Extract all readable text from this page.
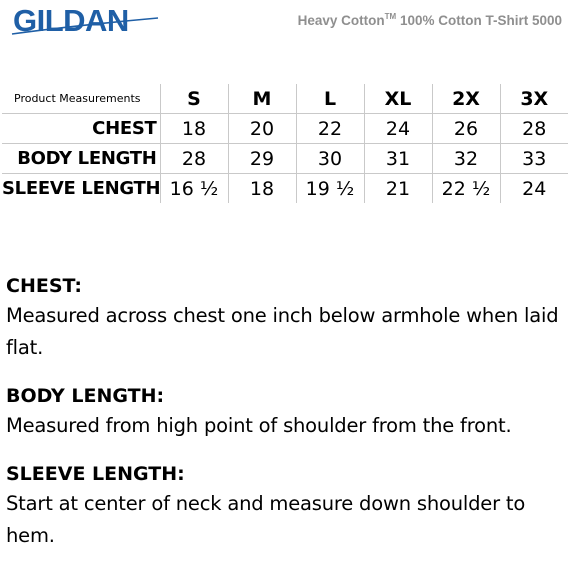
GILDAN	Heavy Cotton™ 100% Cotton T-Shirt 5000
Product Measurements	S	M	L	XL	2X	3X
CHEST	18	20	22	24	26	28
BODY LENGTH	28	29	30	31	32	33
SLEEVE LENGTH	16 ½	18	19 ½	21	22 ½	24
CHEST:
Measured across chest one inch below armhole when laid flat.
BODY LENGTH:
Measured from high point of shoulder from the front.
SLEEVE LENGTH:
Start at center of neck and measure down shoulder to hem.
